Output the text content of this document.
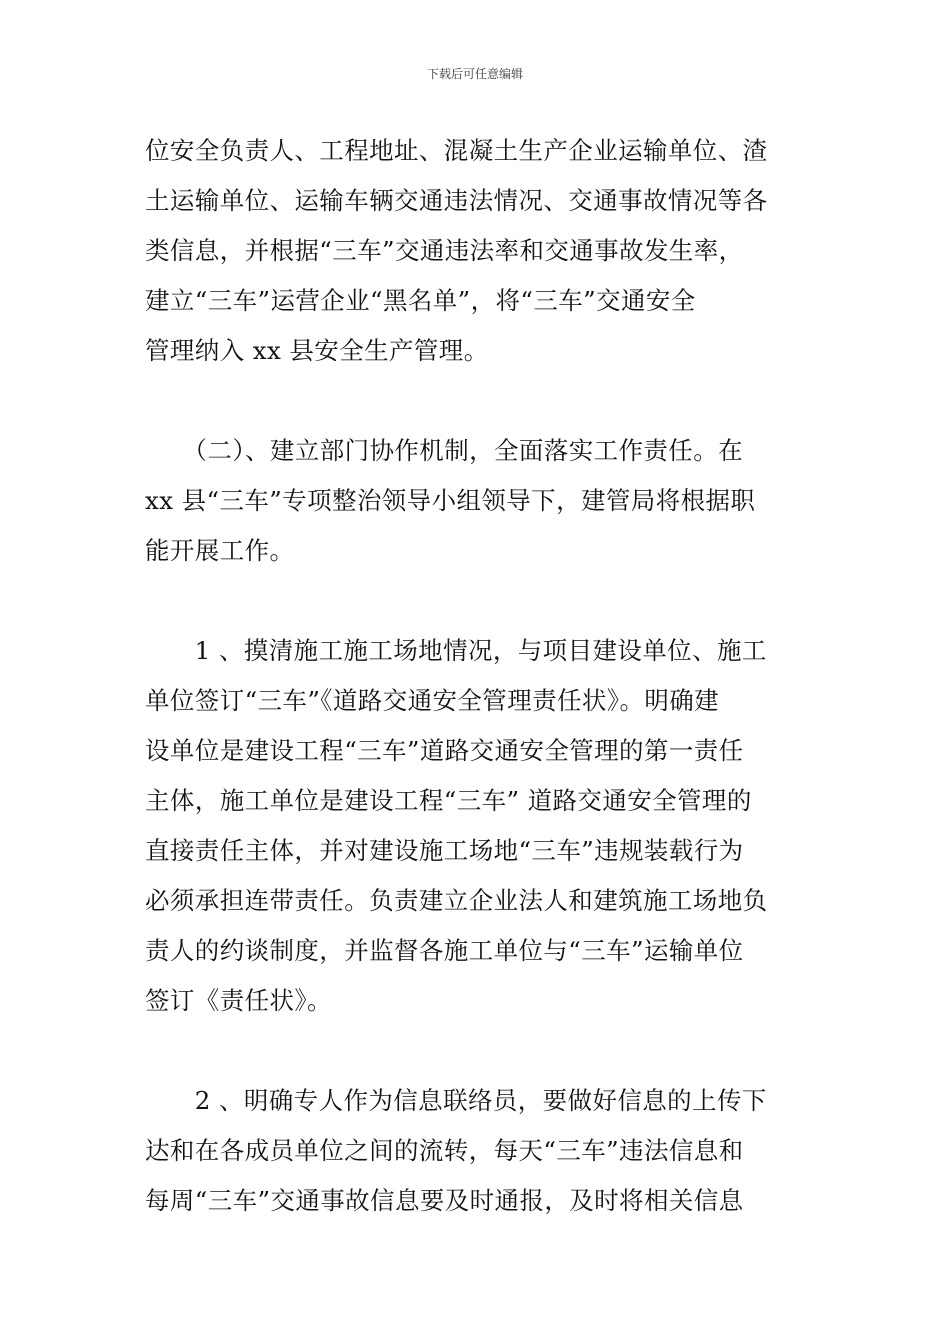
下载后可任意编辑
位安全负责人、工程地址、混凝土生产企业运输单位、渣
土运输单位、运输车辆交通违法情况、交通事故情况等各
类信息，并根据“三车”交通违法率和交通事故发生率，
建立“三车”运营企业“黑名单”，将“三车”交通安全
管理纳入 xx 县安全生产管理。
　　（二）、建立部门协作机制，全面落实工作责任。在
xx 县“三车”专项整治领导小组领导下，建管局将根据职
能开展工作。
　　1 、摸清施工施工场地情况，与项目建设单位、施工
单位签订“三车”《道路交通安全管理责任状》。明确建
设单位是建设工程“三车”道路交通安全管理的第一责任
主体，施工单位是建设工程“三车” 道路交通安全管理的
直接责任主体，并对建设施工场地“三车”违规装载行为
必须承担连带责任。负责建立企业法人和建筑施工场地负
责人的约谈制度，并监督各施工单位与“三车”运输单位
签订《责任状》。
　　2 、明确专人作为信息联络员，要做好信息的上传下
达和在各成员单位之间的流转，每天“三车”违法信息和
每周“三车”交通事故信息要及时通报，及时将相关信息
